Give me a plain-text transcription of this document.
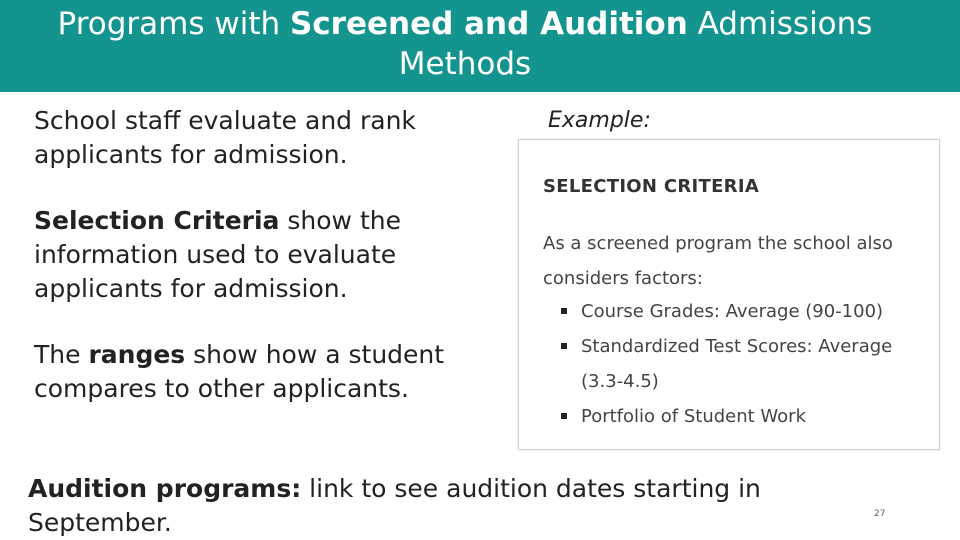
Programs with Screened and Audition Admissions
Methods
School staff evaluate and rank applicants for admission.
Selection Criteria show the information used to evaluate applicants for admission.
The ranges show how a student compares to other applicants.
Example:
SELECTION CRITERIA
As a screened program the school also considers factors:
Course Grades: Average (90-100)
Standardized Test Scores: Average (3.3-4.5)
Portfolio of Student Work
Audition programs: link to see audition dates starting in September.	27
